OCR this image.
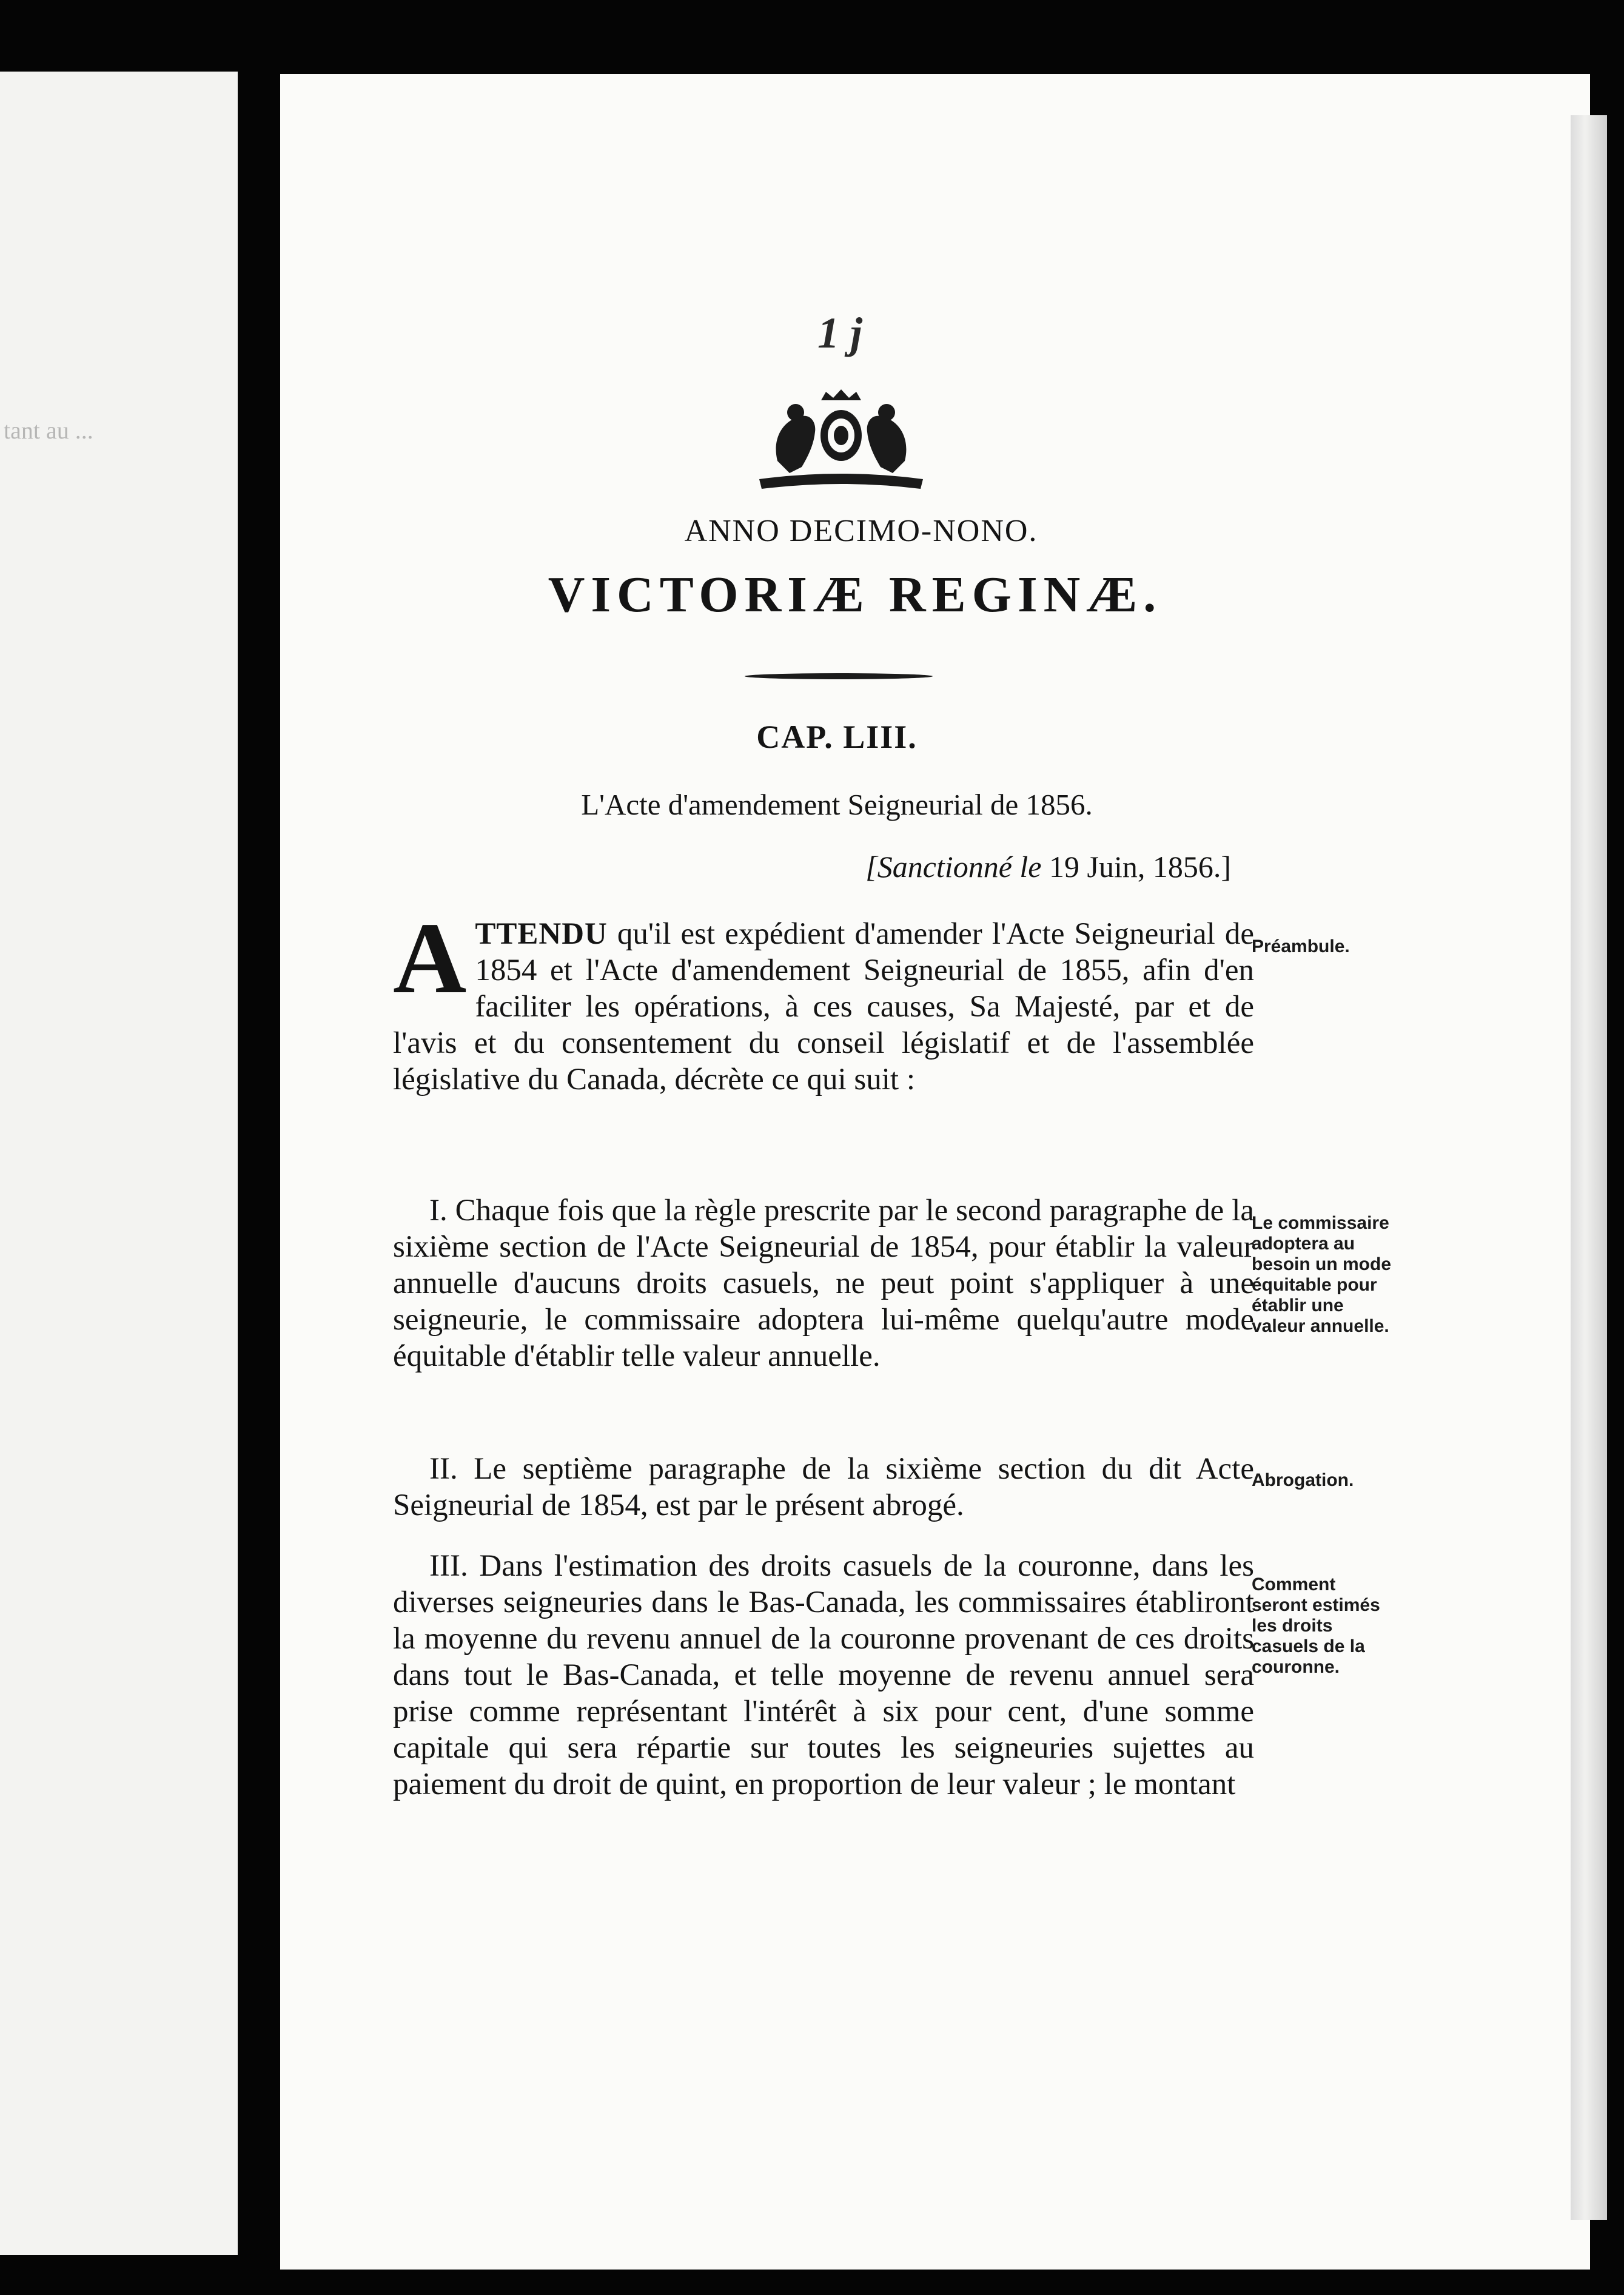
tant au ...
1 j
ANNO DECIMO-NONO.
VICTORIÆ REGINÆ.
CAP. LIII.
L'Acte d'amendement Seigneurial de 1856.
[Sanctionné le 19 Juin, 1856.]
ATTENDU qu'il est expédient d'amender l'Acte Seigneurial de 1854 et l'Acte d'amendement Seigneurial de 1855, afin d'en faciliter les opérations, à ces causes, Sa Majesté, par et de l'avis et du consentement du conseil législatif et de l'assemblée législative du Canada, décrète ce qui suit :
I. Chaque fois que la règle prescrite par le second paragraphe de la sixième section de l'Acte Seigneurial de 1854, pour établir la valeur annuelle d'aucuns droits casuels, ne peut point s'appliquer à une seigneurie, le commissaire adoptera lui-même quelqu'autre mode équitable d'établir telle valeur annuelle.
II. Le septième paragraphe de la sixième section du dit Acte Seigneurial de 1854, est par le présent abrogé.
III. Dans l'estimation des droits casuels de la couronne, dans les diverses seigneuries dans le Bas-Canada, les commissaires établiront la moyenne du revenu annuel de la couronne provenant de ces droits dans tout le Bas-Canada, et telle moyenne de revenu annuel sera prise comme représentant l'intérêt à six pour cent, d'une somme capitale qui sera répartie sur toutes les seigneuries sujettes au paiement du droit de quint, en proportion de leur valeur ; le montant
Préambule.
Le commissaire adoptera au besoin un mode équitable pour établir une valeur annuelle.
Abrogation.
Comment seront estimés les droits casuels de la couronne.
